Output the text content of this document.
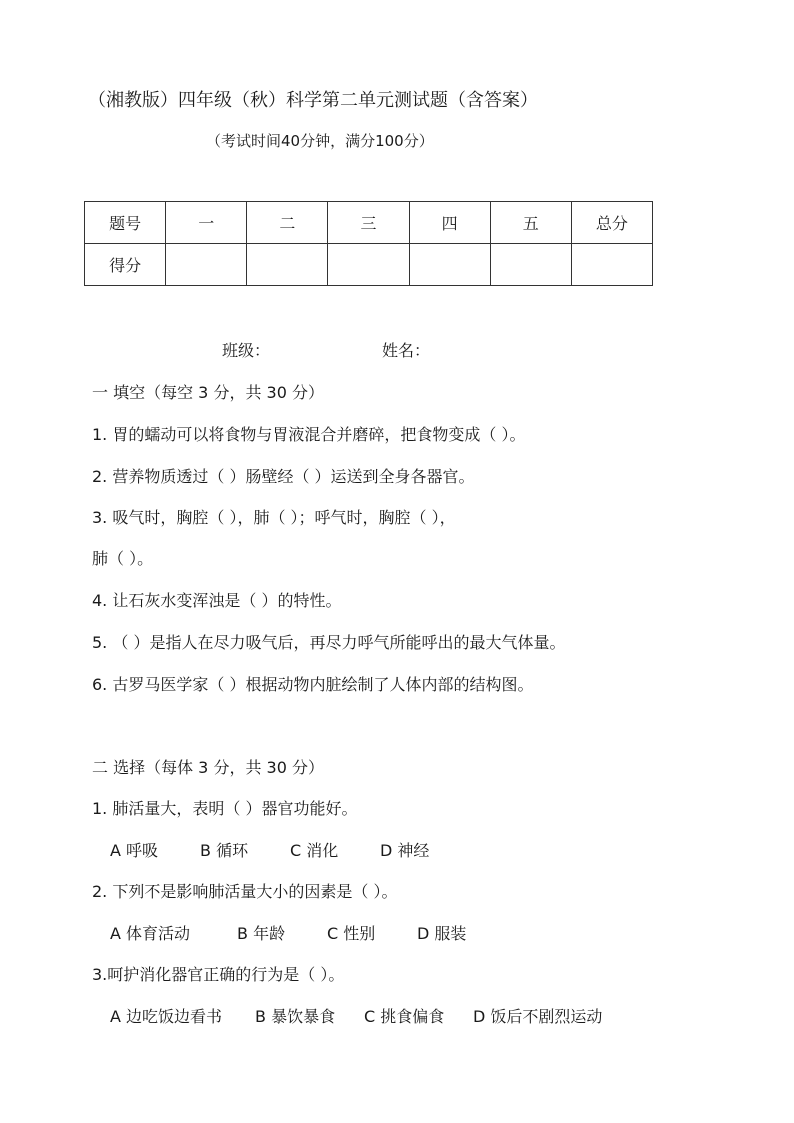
（湘教版）四年级（秋）科学第二单元测试题（含答案）
（考试时间40分钟，满分100分）
题号	一	二	三	四	五	总分
得分						
班级：	姓名：
一 填空（每空 3 分，共 30 分）
1. 胃的蠕动可以将食物与胃液混合并磨碎，把食物变成（ ）。
2. 营养物质透过（ ）肠壁经（ ）运送到全身各器官。
3. 吸气时，胸腔（ ），肺（ ）；呼气时，胸腔（ ），
肺（ ）。
4. 让石灰水变浑浊是（ ）的特性。
5. （ ）是指人在尽力吸气后，再尽力呼气所能呼出的最大气体量。
6. 古罗马医学家（ ）根据动物内脏绘制了人体内部的结构图。
二 选择（每体 3 分，共 30 分）
1. 肺活量大，表明（ ）器官功能好。
A 呼吸	B 循环	C 消化	D 神经
2. 下列不是影响肺活量大小的因素是（ ）。
A 体育活动	B 年龄	C 性别	D 服装
3.呵护消化器官正确的行为是（ ）。
A 边吃饭边看书 B 暴饮暴食 C 挑食偏食 D 饭后不剧烈运动
